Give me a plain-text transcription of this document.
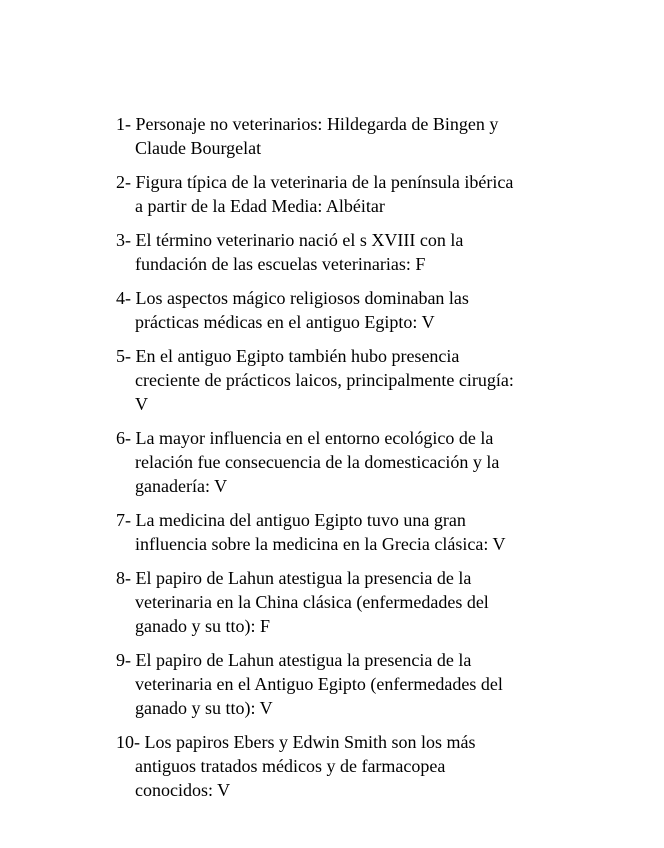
1- Personaje no veterinarios: Hildegarda de Bingen y
Claude Bourgelat
2- Figura típica de la veterinaria de la península ibérica
a partir de la Edad Media: Albéitar
3- El término veterinario nació el s XVIII con la
fundación de las escuelas veterinarias: F
4- Los aspectos mágico religiosos dominaban las
prácticas médicas en el antiguo Egipto: V
5- En el antiguo Egipto también hubo presencia
creciente de prácticos laicos, principalmente cirugía:
V
6- La mayor influencia en el entorno ecológico de la
relación fue consecuencia de la domesticación y la
ganadería: V
7- La medicina del antiguo Egipto tuvo una gran
influencia sobre la medicina en la Grecia clásica: V
8- El papiro de Lahun atestigua la presencia de la
veterinaria en la China clásica (enfermedades del
ganado y su tto): F
9- El papiro de Lahun atestigua la presencia de la
veterinaria en el Antiguo Egipto (enfermedades del
ganado y su tto): V
10- Los papiros Ebers y Edwin Smith son los más
antiguos tratados médicos y de farmacopea
conocidos: V
